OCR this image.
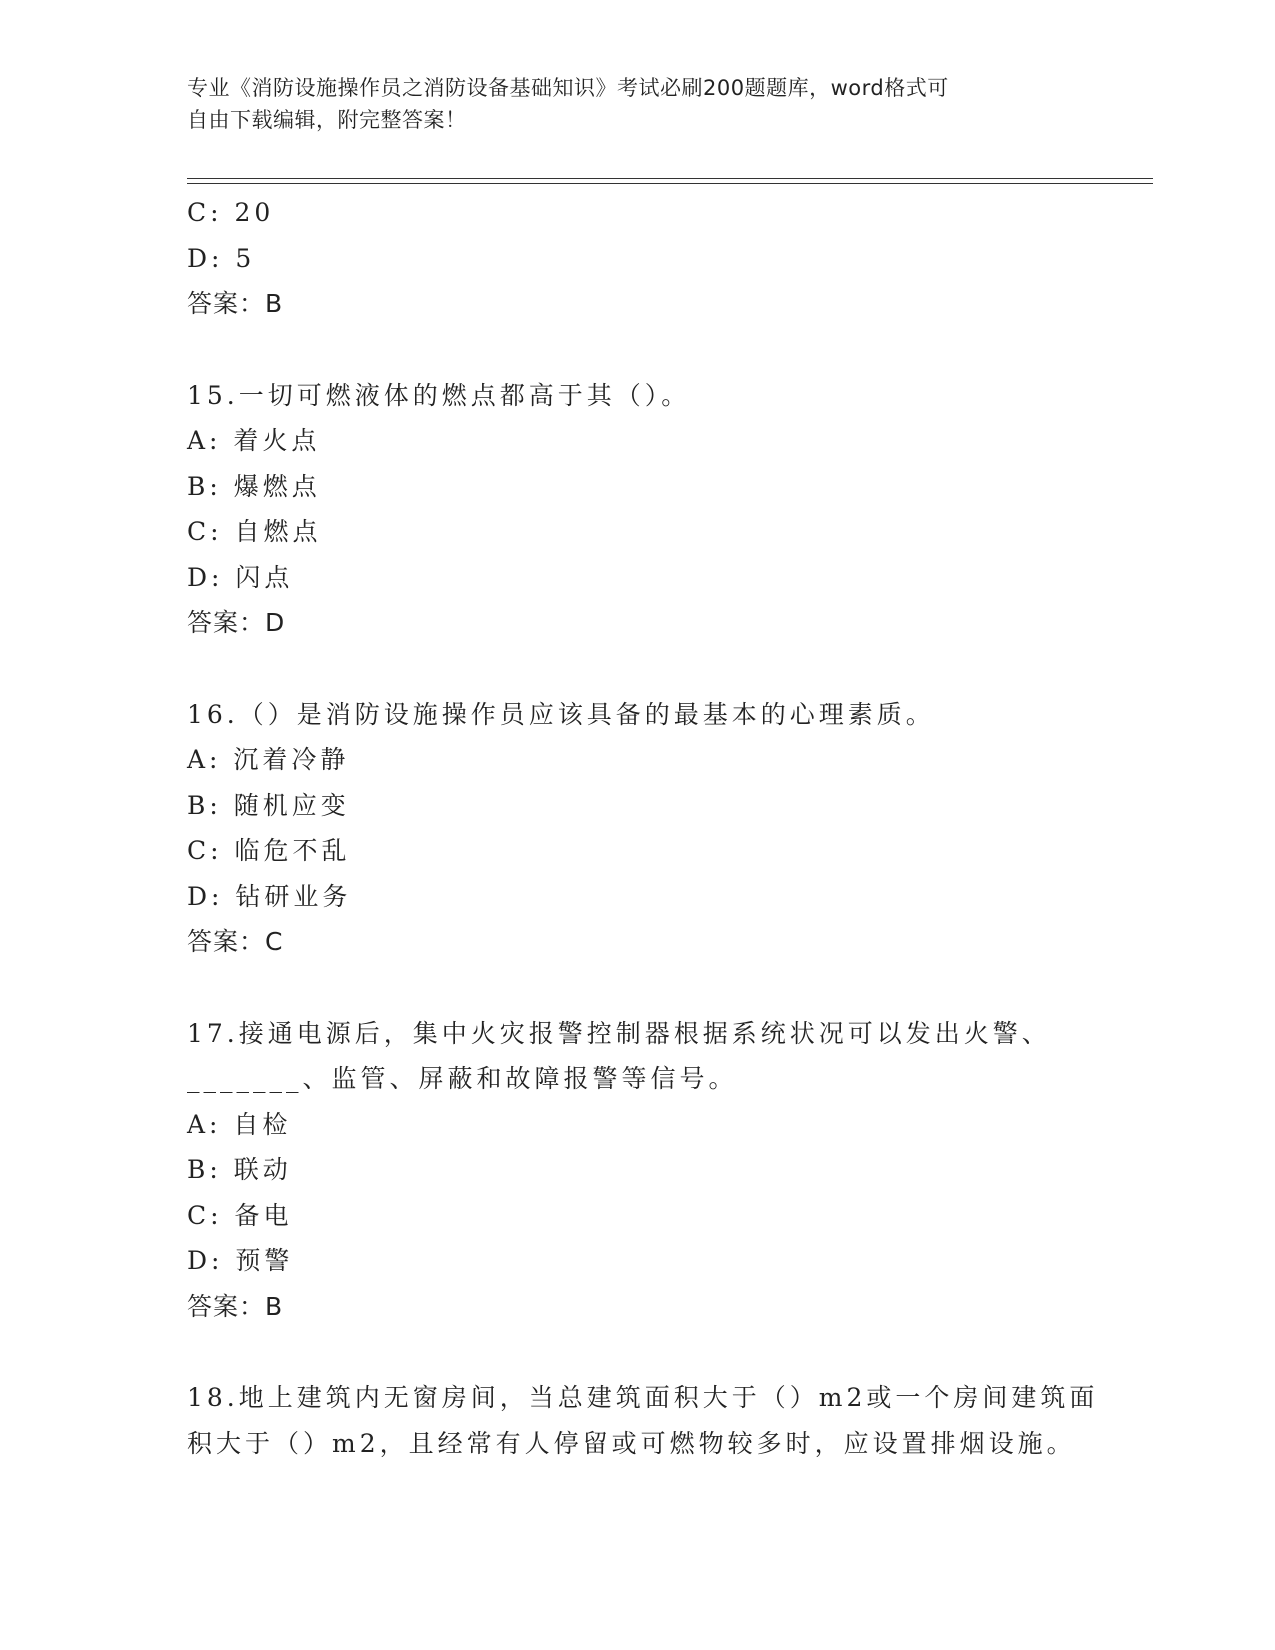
专业《消防设施操作员之消防设备基础知识》考试必刷200题题库，word格式可
自由下载编辑，附完整答案！
C: 20
D: 5
答案：B
15.一切可燃液体的燃点都高于其（）。
A: 着火点
B: 爆燃点
C: 自燃点
D: 闪点
答案：D
16.（）是消防设施操作员应该具备的最基本的心理素质。
A: 沉着冷静
B: 随机应变
C: 临危不乱
D: 钻研业务
答案：C
17.接通电源后，集中火灾报警控制器根据系统状况可以发出火警、
_______、监管、屏蔽和故障报警等信号。
A: 自检
B: 联动
C: 备电
D: 预警
答案：B
18.地上建筑内无窗房间，当总建筑面积大于（）m2或一个房间建筑面
积大于（）m2，且经常有人停留或可燃物较多时，应设置排烟设施。
